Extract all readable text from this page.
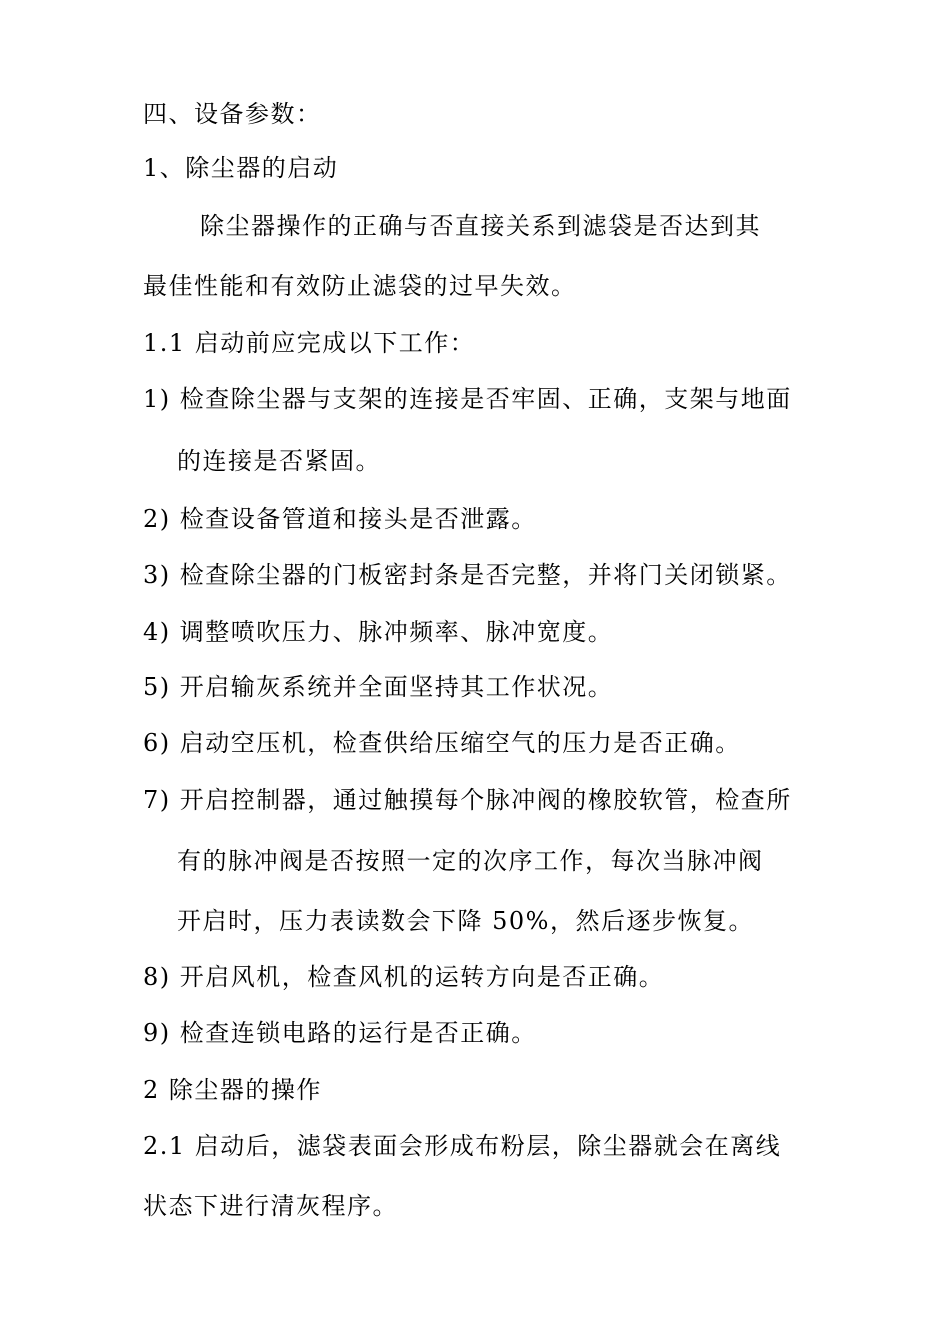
四、设备参数：
1、除尘器的启动
除尘器操作的正确与否直接关系到滤袋是否达到其
最佳性能和有效防止滤袋的过早失效。
1.1 启动前应完成以下工作：
1) 检查除尘器与支架的连接是否牢固、正确，支架与地面
的连接是否紧固。
2) 检查设备管道和接头是否泄露。
3) 检查除尘器的门板密封条是否完整，并将门关闭锁紧。
4) 调整喷吹压力、脉冲频率、脉冲宽度。
5) 开启输灰系统并全面坚持其工作状况。
6) 启动空压机，检查供给压缩空气的压力是否正确。
7) 开启控制器，通过触摸每个脉冲阀的橡胶软管，检查所
有的脉冲阀是否按照一定的次序工作，每次当脉冲阀
开启时，压力表读数会下降 50%，然后逐步恢复。
8) 开启风机，检查风机的运转方向是否正确。
9) 检查连锁电路的运行是否正确。
2 除尘器的操作
2.1 启动后，滤袋表面会形成布粉层，除尘器就会在离线
状态下进行清灰程序。
